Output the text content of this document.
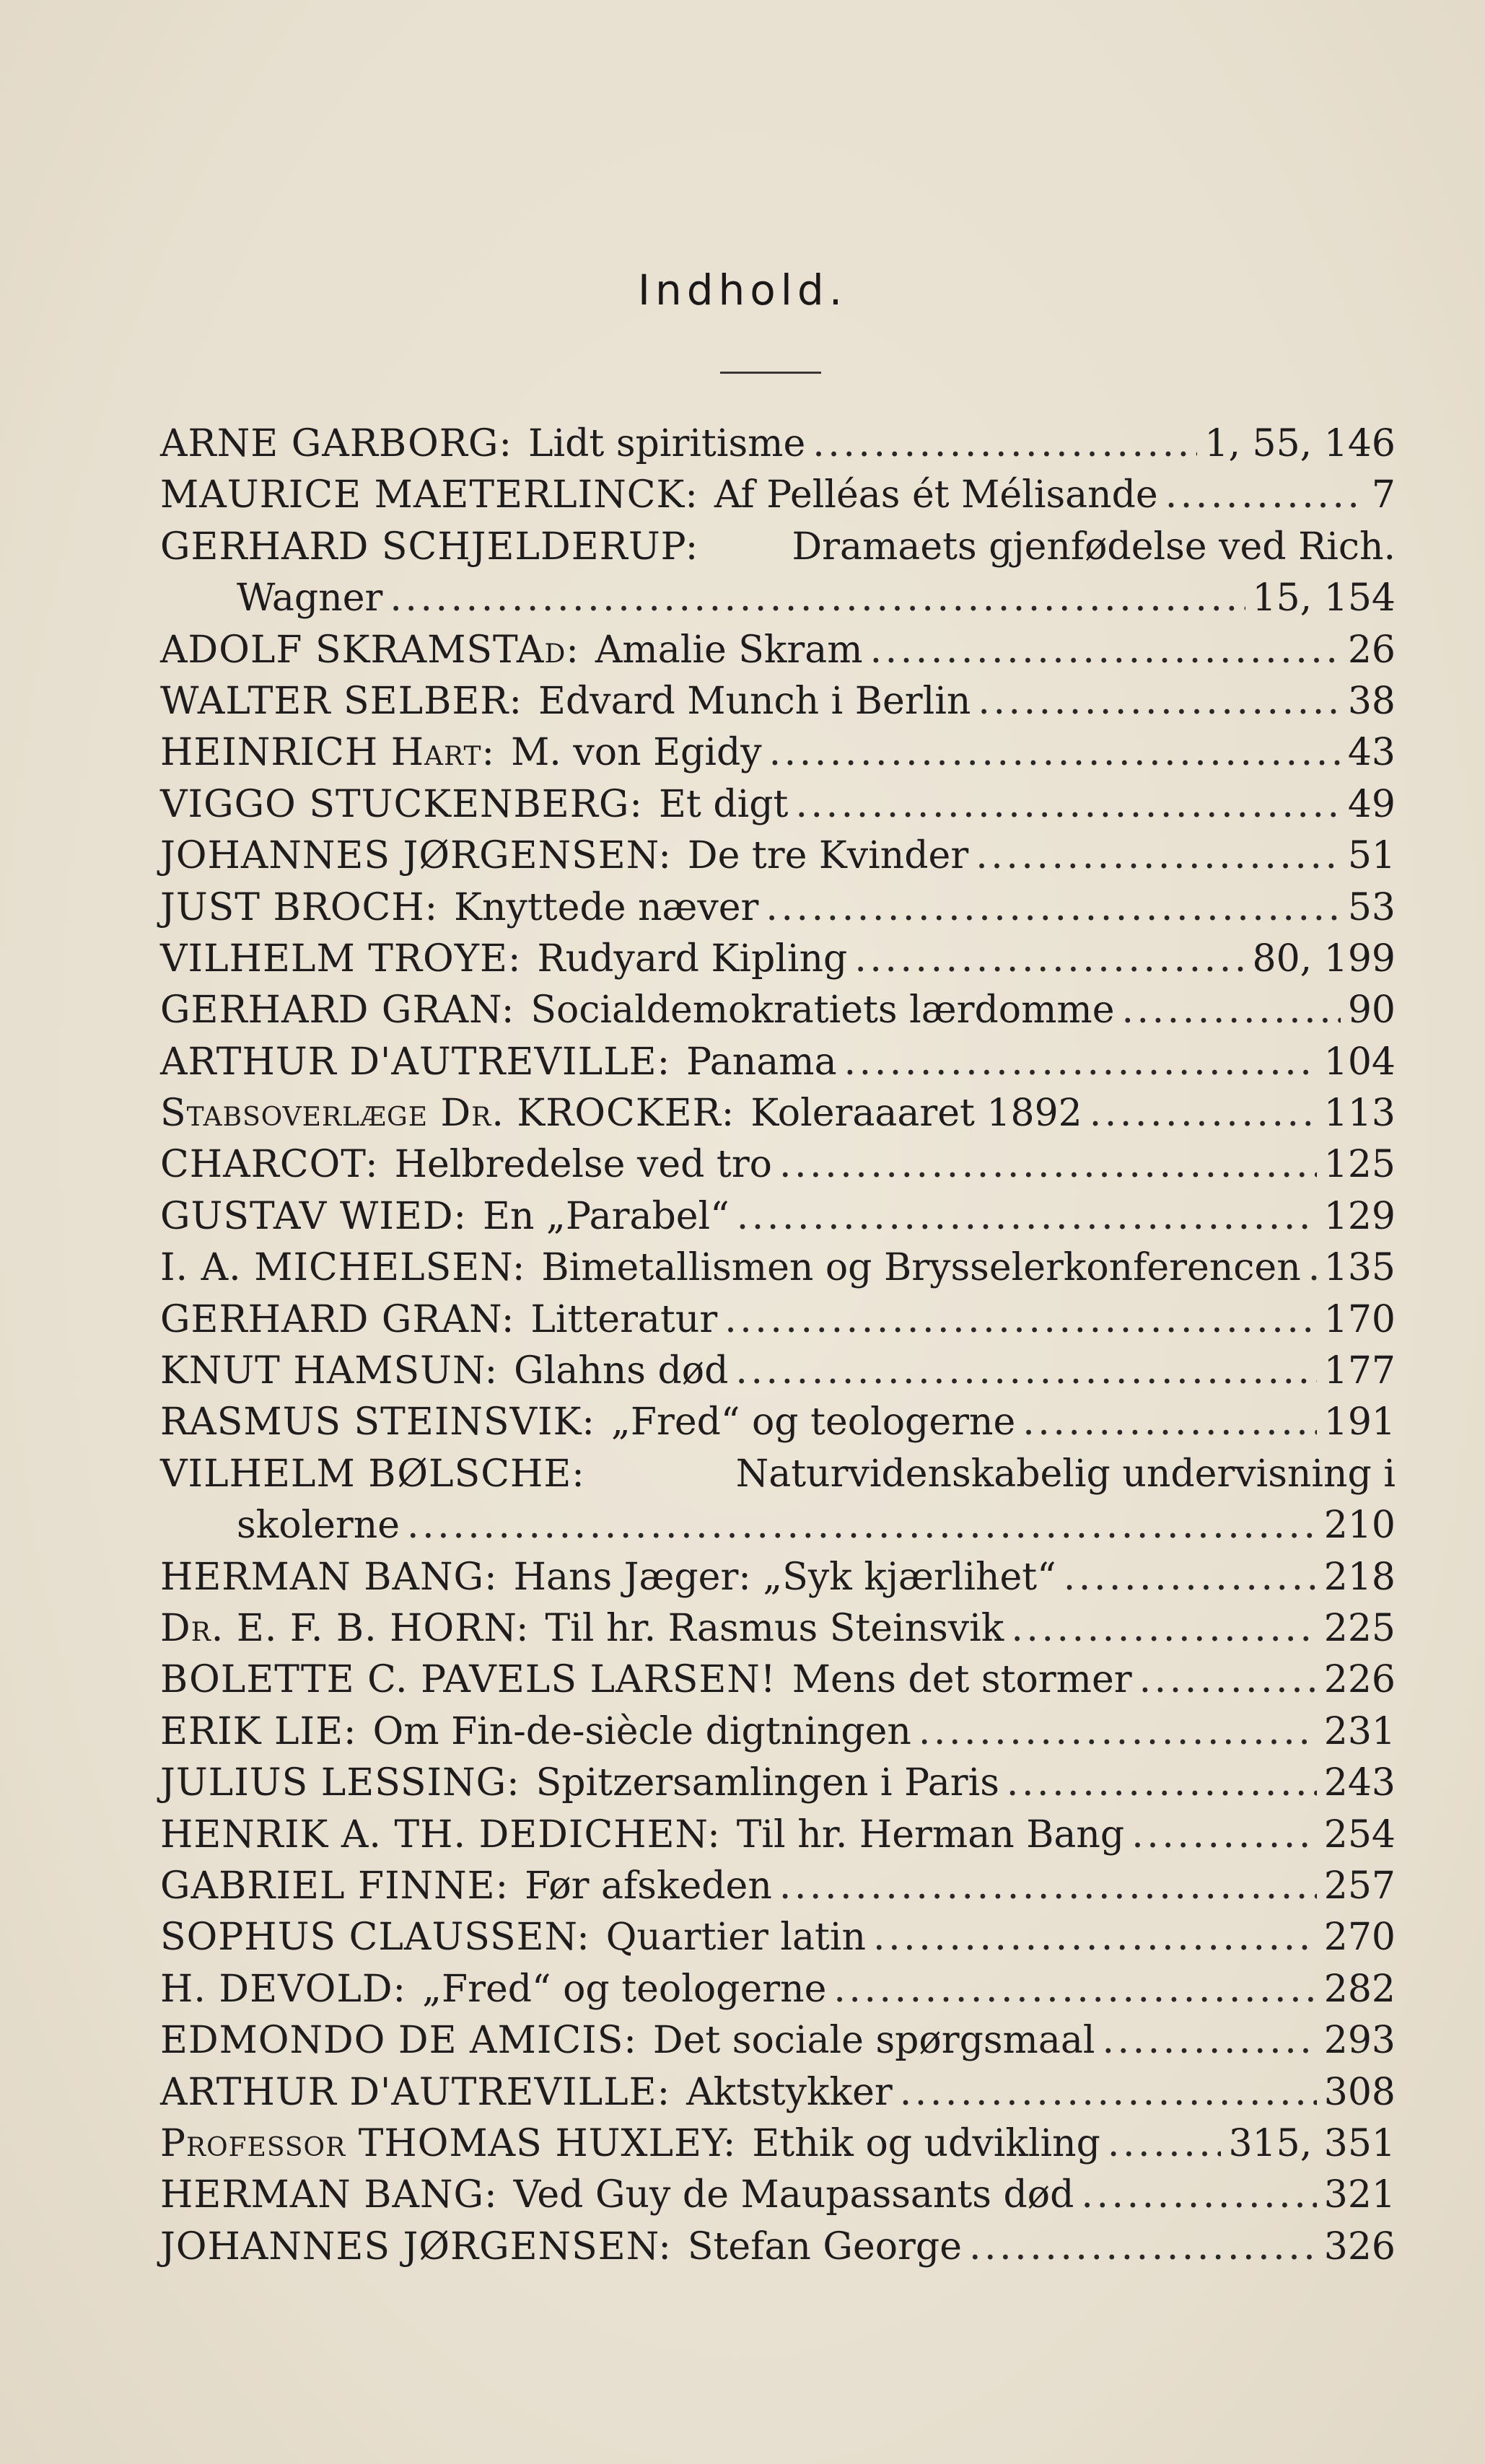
Indhold.
ARNE GARBORG: Lidt spiritisme . . .	1, 55, 146
MAURICE MAETERLINCK: Af Pelléas ét Mélisande . . .	7
GERHARD SCHJELDERUP: Dramaets gjenfødelse ved Rich.
Wagner . . .	15, 154
ADOLF SKRAMSTAd: Amalie Skram . . .	26
WALTER SELBER: Edvard Munch i Berlin . . .	38
HEINRICH Hart: M. von Egidy . . .	43
VIGGO STUCKENBERG: Et digt . . .	49
JOHANNES JØRGENSEN: De tre Kvinder . . .	51
JUST BROCH: Knyttede næver . . .	53
VILHELM TROYE: Rudyard Kipling . . .	80, 199
GERHARD GRAN: Socialdemokratiets lærdomme . . .	90
ARTHUR D'AUTREVILLE: Panama . . .	104
Stabsoverlæge Dr. KROCKER: Koleraaaret 1892 . . .	113
CHARCOT: Helbredelse ved tro . . .	125
GUSTAV WIED: En „Parabel“ . . .	129
I. A. MICHELSEN: Bimetallismen og Brysselerkonferencen . . . 135
GERHARD GRAN: Litteratur . . .	170
KNUT HAMSUN: Glahns død . . .	177
RASMUS STEINSVIK: „Fred“ og teologerne . . .	191
VILHELM BØLSCHE:	Naturvidenskabelig undervisning i
skolerne . . .	210
HERMAN BANG: Hans Jæger: „Syk kjærlihet“ . . .	218
Dr. E. F. B. HORN: Til hr. Rasmus Steinsvik . . .	225
BOLETTE C. PAVELS LARSEN! Mens det stormer . . .	226
ERIK LIE: Om Fin-de-siècle digtningen . . .	231
JULIUS LESSING: Spitzersamlingen i Paris . . .	243
HENRIK A. TH. DEDICHEN: Til hr. Herman Bang . . .	254
GABRIEL FINNE: Før afskeden . . .	257
SOPHUS CLAUSSEN: Quartier latin . . .	270
H. DEVOLD: „Fred“ og teologerne . . .	282
EDMONDO DE AMICIS: Det sociale spørgsmaal . . .	293
ARTHUR D'AUTREVILLE: Aktstykker . . .	308
Professor THOMAS HUXLEY: Ethik og udvikling . . .	315, 351
HERMAN BANG: Ved Guy de Maupassants død . . .	321
JOHANNES JØRGENSEN: Stefan George . . .	326
